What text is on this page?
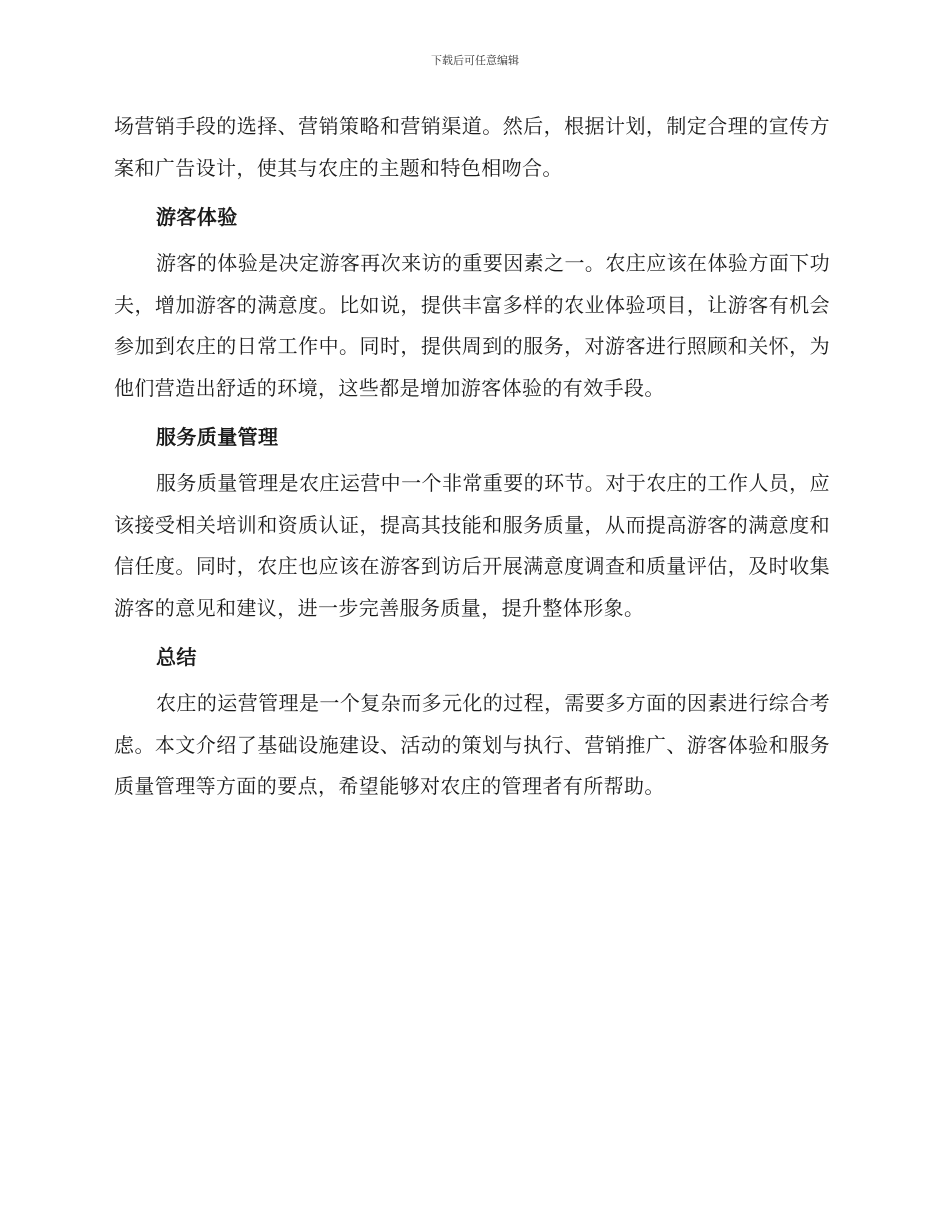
下载后可任意编辑

场营销手段的选择、营销策略和营销渠道。然后，根据计划，制定合理的宣传方案和广告设计，使其与农庄的主题和特色相吻合。

游客体验

游客的体验是决定游客再次来访的重要因素之一。农庄应该在体验方面下功夫，增加游客的满意度。比如说，提供丰富多样的农业体验项目，让游客有机会参加到农庄的日常工作中。同时，提供周到的服务，对游客进行照顾和关怀，为他们营造出舒适的环境，这些都是增加游客体验的有效手段。

服务质量管理

服务质量管理是农庄运营中一个非常重要的环节。对于农庄的工作人员，应该接受相关培训和资质认证，提高其技能和服务质量，从而提高游客的满意度和信任度。同时，农庄也应该在游客到访后开展满意度调查和质量评估，及时收集游客的意见和建议，进一步完善服务质量，提升整体形象。

总结

农庄的运营管理是一个复杂而多元化的过程，需要多方面的因素进行综合考虑。本文介绍了基础设施建设、活动的策划与执行、营销推广、游客体验和服务质量管理等方面的要点，希望能够对农庄的管理者有所帮助。
